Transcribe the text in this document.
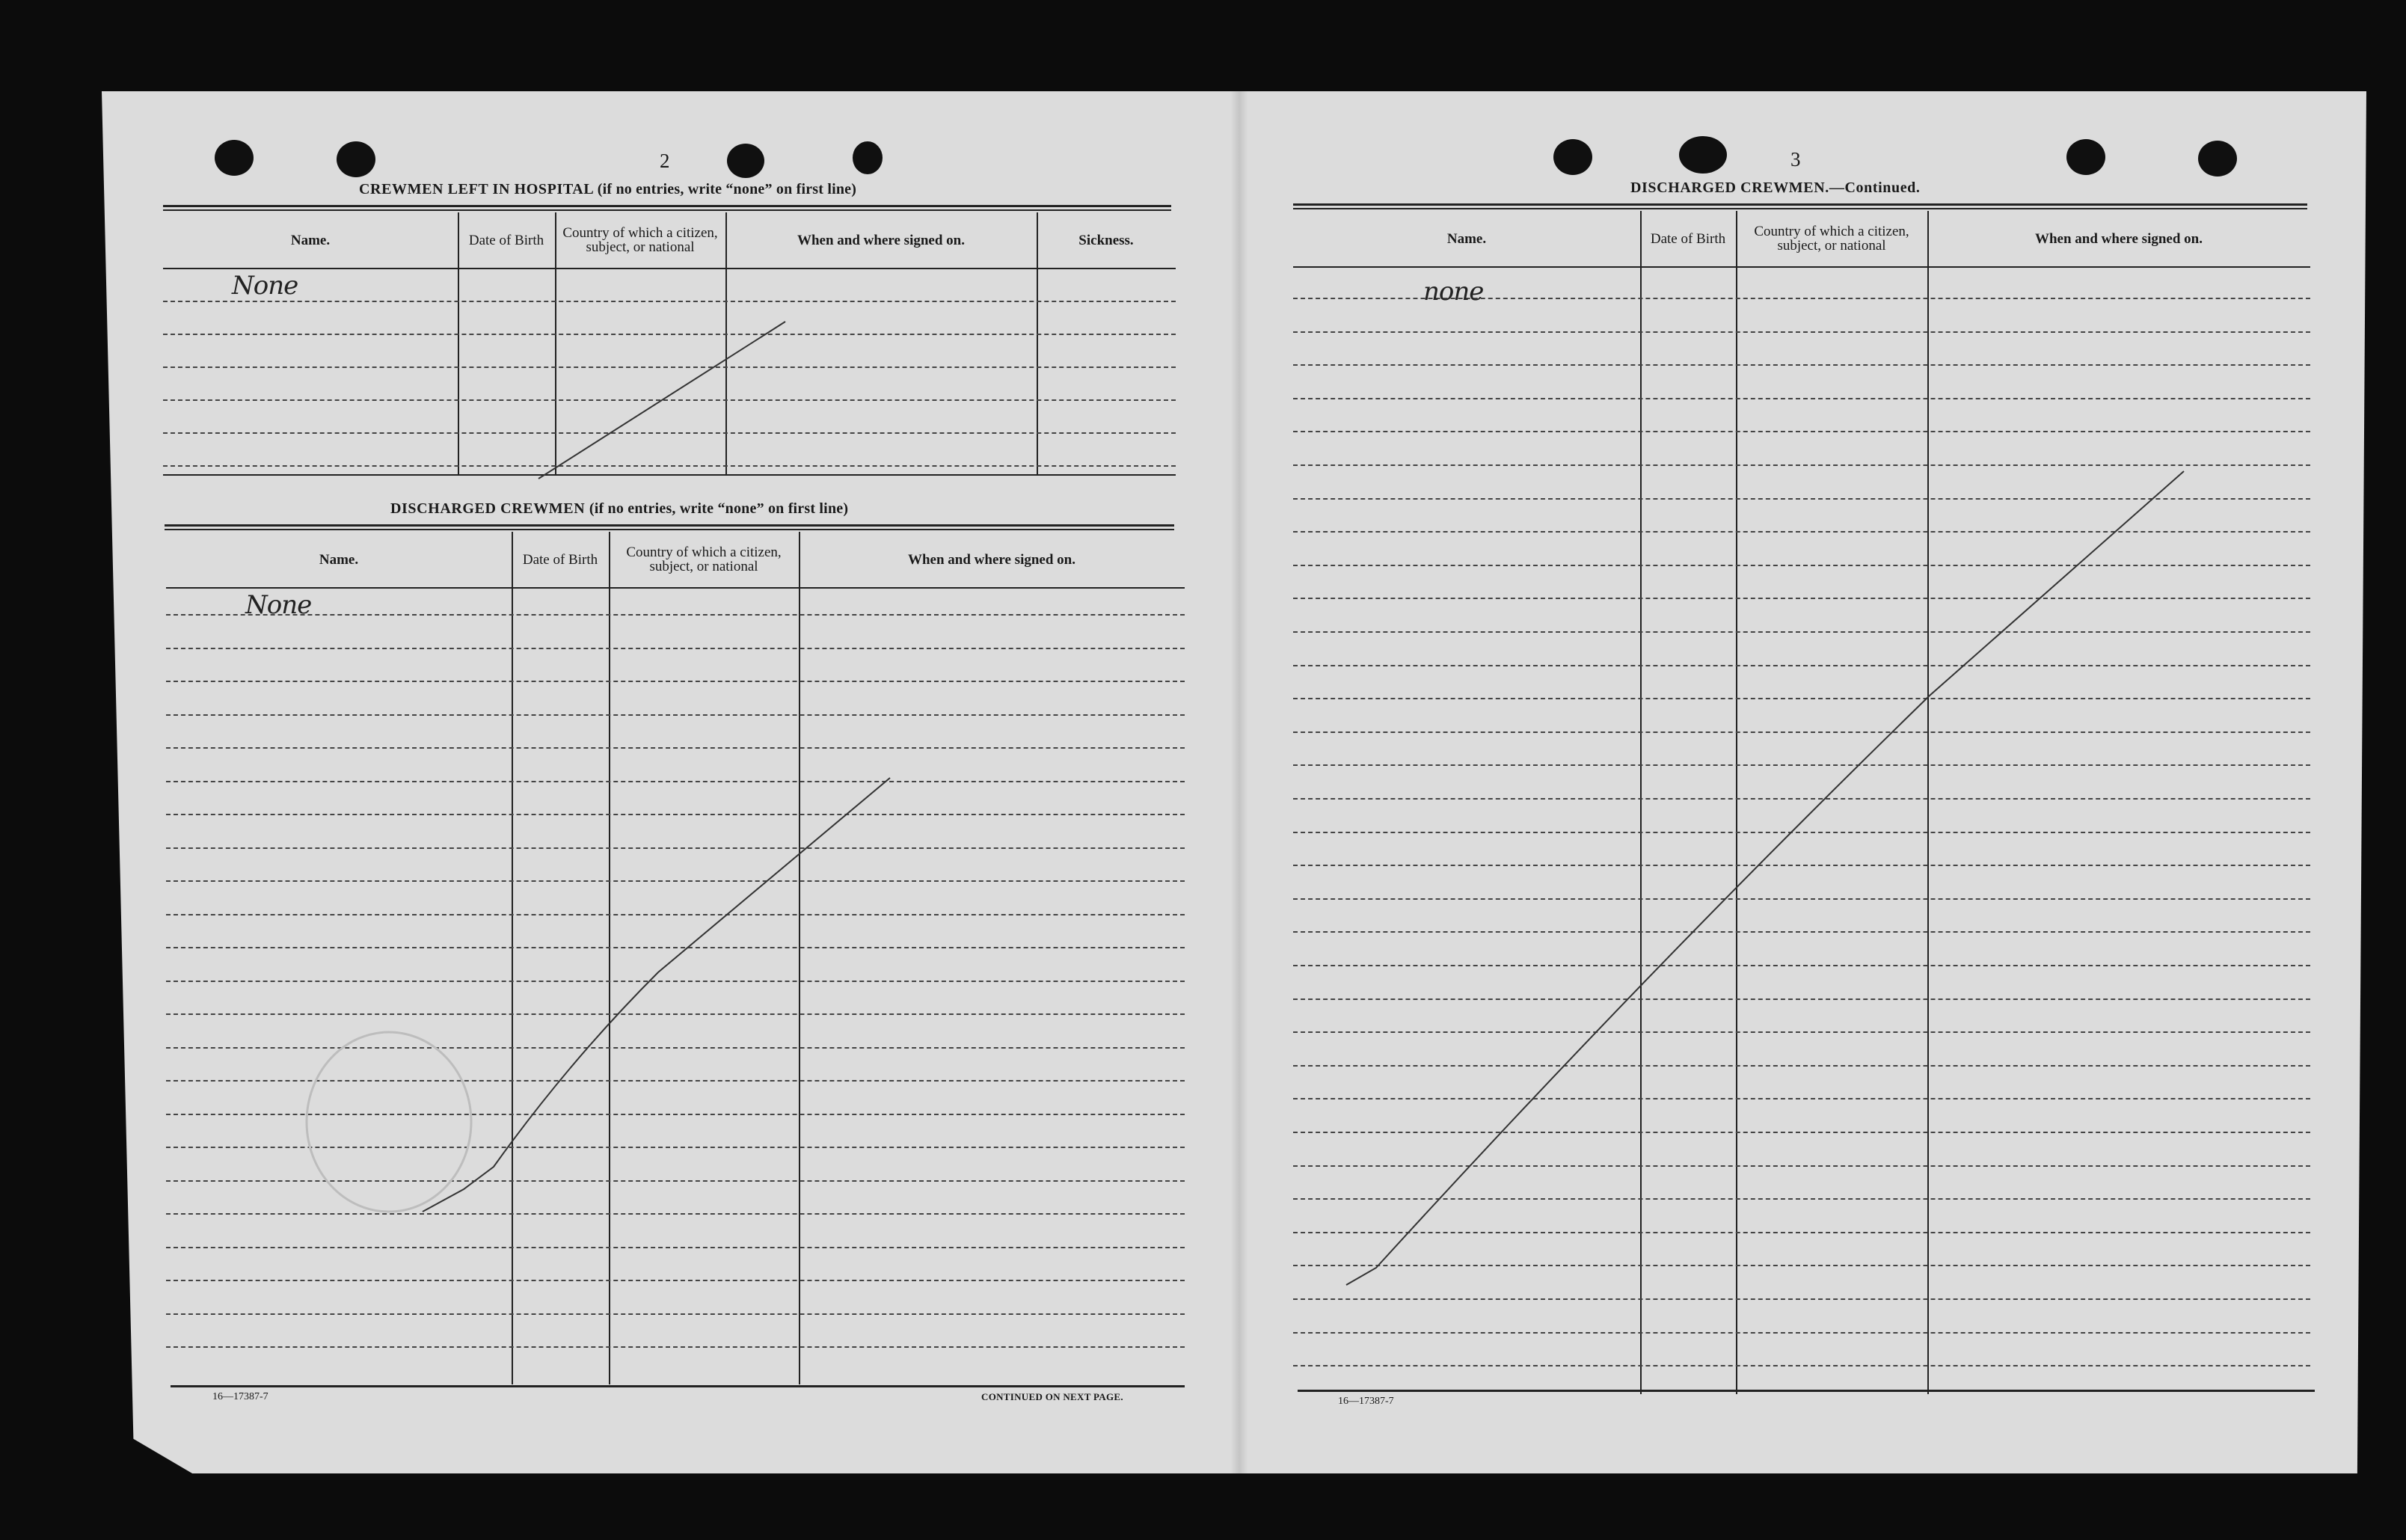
2
CREWMEN LEFT IN HOSPITAL (if no entries, write “none” on first line)
Name.	Date of Birth	Country of which a citizen, subject, or national	When and where signed on.	Sickness.
None
DISCHARGED CREWMEN (if no entries, write “none” on first line)
Name.	Date of Birth	Country of which a citizen, subject, or national	When and where signed on.
None
16—17387-7	CONTINUED ON NEXT PAGE.
3
DISCHARGED CREWMEN.—Continued.
Name.	Date of Birth	Country of which a citizen, subject, or national	When and where signed on.
none
16—17387-7
